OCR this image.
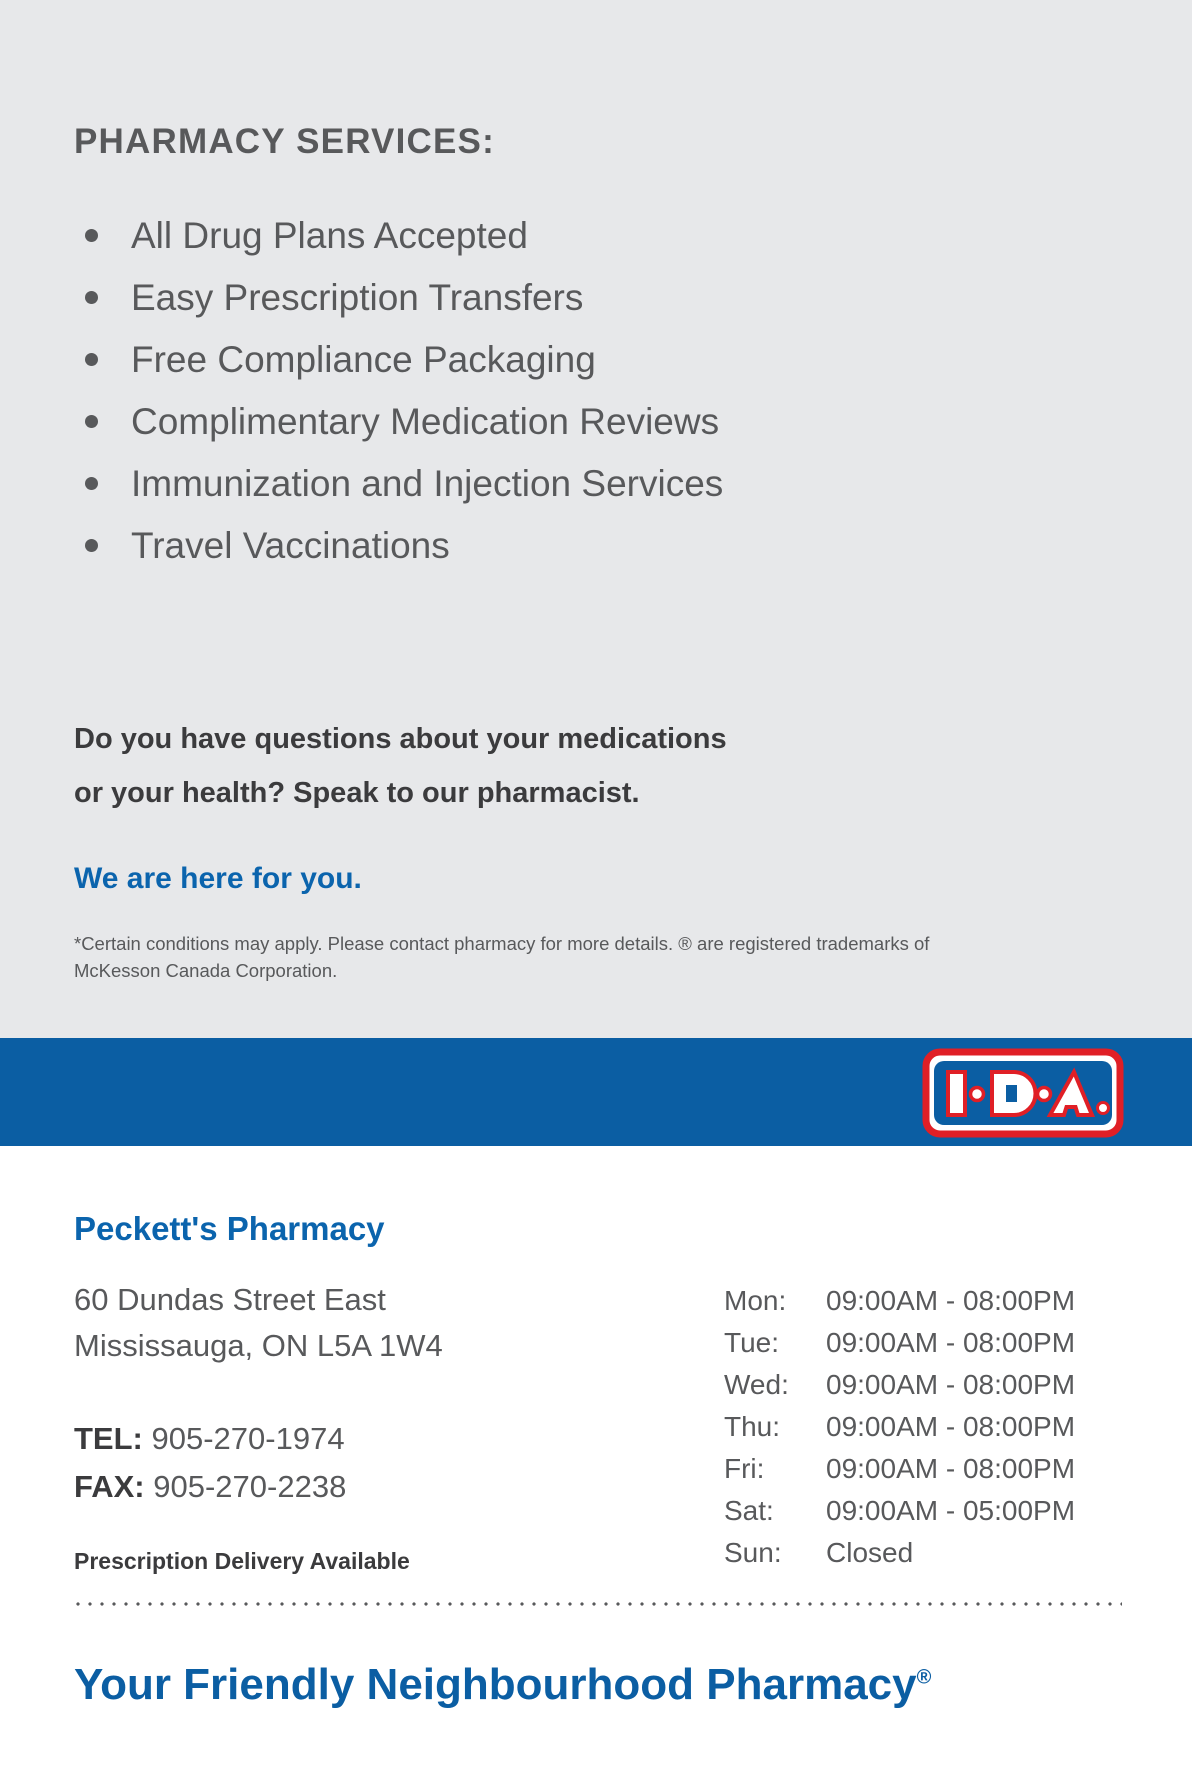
PHARMACY SERVICES:
All Drug Plans Accepted
Easy Prescription Transfers
Free Compliance Packaging
Complimentary Medication Reviews
Immunization and Injection Services
Travel Vaccinations
Do you have questions about your medications
or your health? Speak to our pharmacist.
We are here for you.
*Certain conditions may apply. Please contact pharmacy for more details. ® are registered trademarks of
McKesson Canada Corporation.
Peckett's Pharmacy
60 Dundas Street East
Mississauga, ON L5A 1W4
TEL: 905-270-1974
FAX: 905-270-2238
Prescription Delivery Available
Mon:	09:00AM - 08:00PM
Tue:	09:00AM - 08:00PM
Wed:	09:00AM - 08:00PM
Thu:	09:00AM - 08:00PM
Fri:	09:00AM - 08:00PM
Sat:	09:00AM - 05:00PM
Sun:	Closed
Your Friendly Neighbourhood Pharmacy®
